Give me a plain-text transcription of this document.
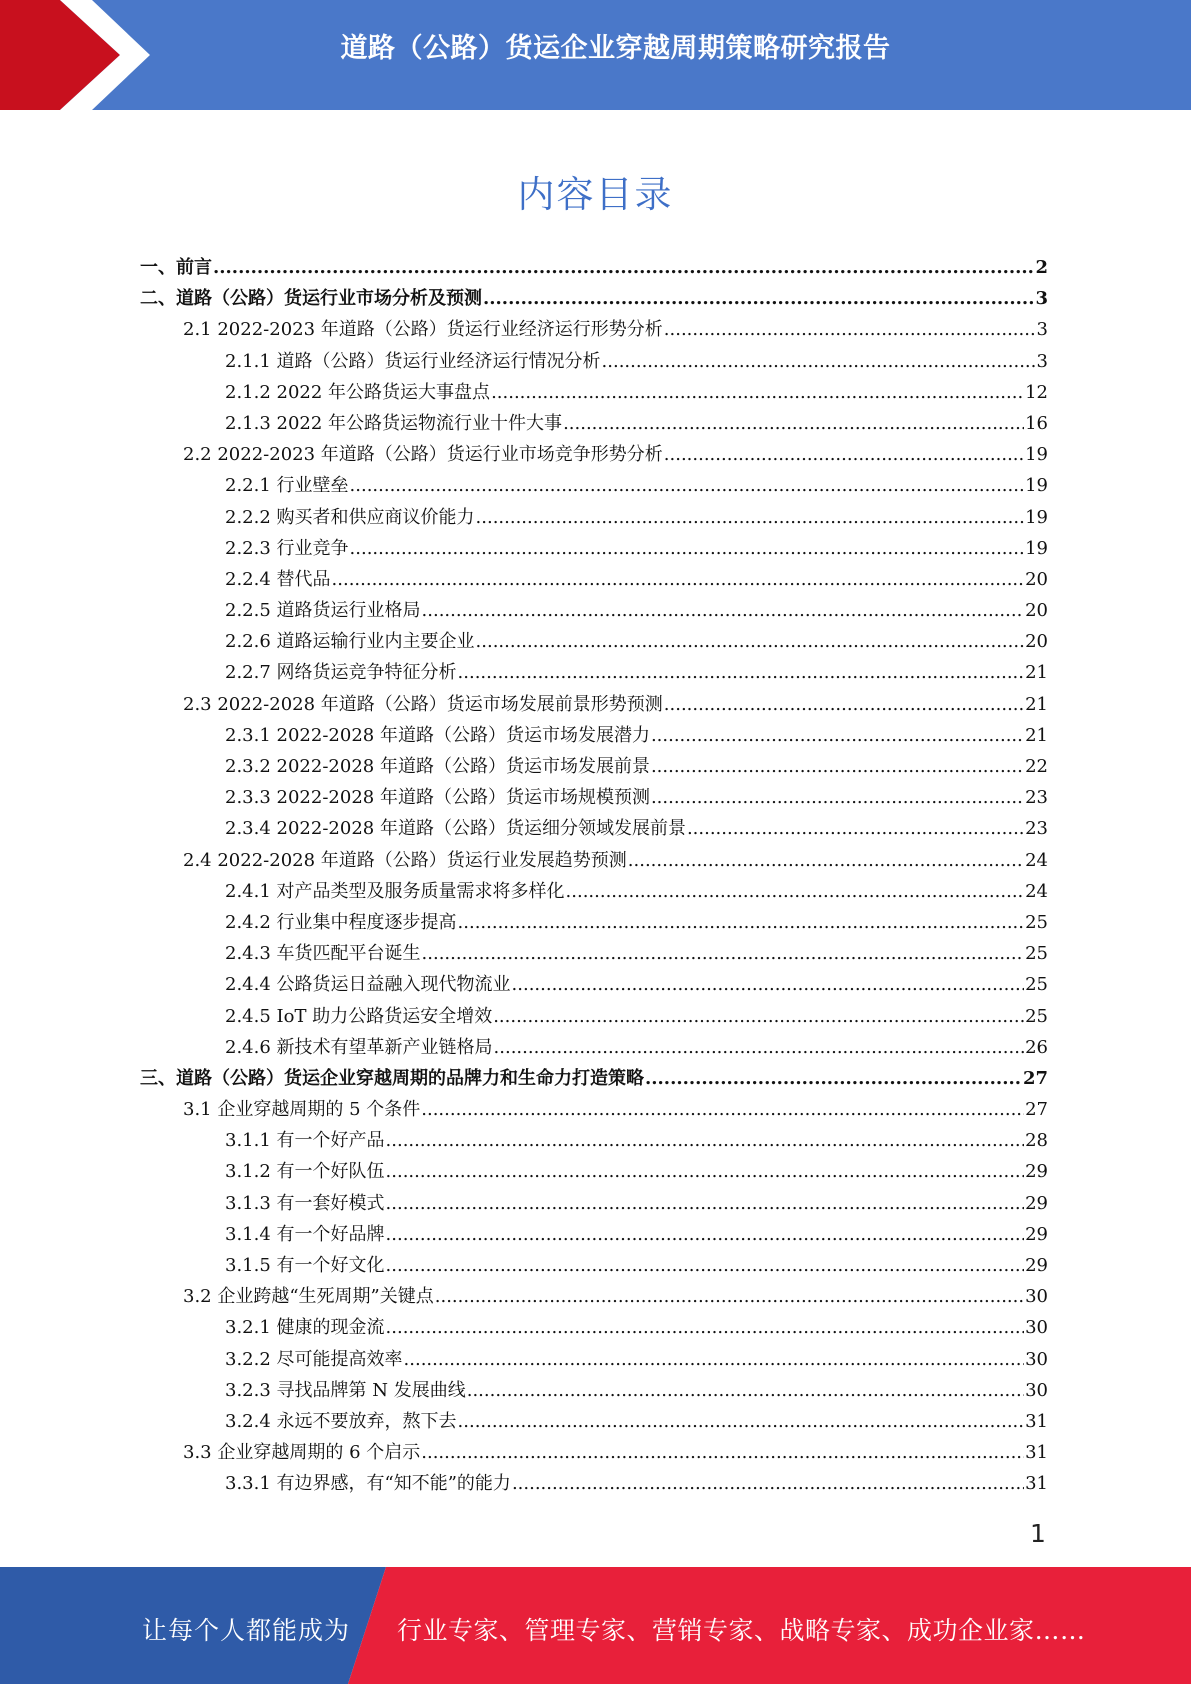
道路（公路）货运企业穿越周期策略研究报告
内容目录
一、前言 .....	2
二、道路（公路）货运行业市场分析及预测 .....	3
2.1 2022-2023 年道路（公路）货运行业经济运行形势分析 .....	3
2.1.1 道路（公路）货运行业经济运行情况分析 .....	3
2.1.2 2022 年公路货运大事盘点 .....	12
2.1.3 2022 年公路货运物流行业十件大事 .....	16
2.2 2022-2023 年道路（公路）货运行业市场竞争形势分析 .....	19
2.2.1 行业壁垒 .....	19
2.2.2 购买者和供应商议价能力 .....	19
2.2.3 行业竞争 .....	19
2.2.4 替代品 .....	20
2.2.5 道路货运行业格局 .....	20
2.2.6 道路运输行业内主要企业 .....	20
2.2.7 网络货运竞争特征分析 .....	21
2.3 2022-2028 年道路（公路）货运市场发展前景形势预测 .....	21
2.3.1 2022-2028 年道路（公路）货运市场发展潜力 .....	21
2.3.2 2022-2028 年道路（公路）货运市场发展前景 .....	22
2.3.3 2022-2028 年道路（公路）货运市场规模预测 .....	23
2.3.4 2022-2028 年道路（公路）货运细分领域发展前景 .....	23
2.4 2022-2028 年道路（公路）货运行业发展趋势预测 .....	24
2.4.1 对产品类型及服务质量需求将多样化 .....	24
2.4.2 行业集中程度逐步提高 .....	25
2.4.3 车货匹配平台诞生 .....	25
2.4.4 公路货运日益融入现代物流业 .....	25
2.4.5 IoT 助力公路货运安全增效 .....	25
2.4.6 新技术有望革新产业链格局 .....	26
三、道路（公路）货运企业穿越周期的品牌力和生命力打造策略 .....	27
3.1 企业穿越周期的 5 个条件 .....	27
3.1.1 有一个好产品 .....	28
3.1.2 有一个好队伍 .....	29
3.1.3 有一套好模式 .....	29
3.1.4 有一个好品牌 .....	29
3.1.5 有一个好文化 .....	29
3.2 企业跨越“生死周期”关键点 .....	30
3.2.1 健康的现金流 .....	30
3.2.2 尽可能提高效率 .....	30
3.2.3 寻找品牌第 N 发展曲线 .....	30
3.2.4 永远不要放弃，熬下去 .....	31
3.3 企业穿越周期的 6 个启示 .....	31
3.3.1 有边界感，有“知不能”的能力 .....	31
1
让每个人都能成为 行业专家、管理专家、营销专家、战略专家、成功企业家……
